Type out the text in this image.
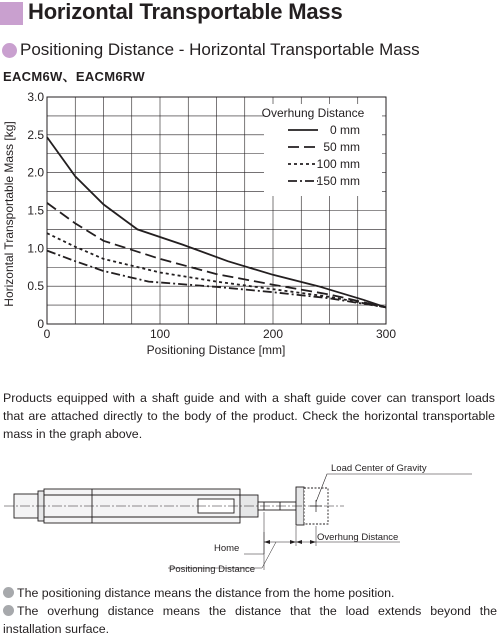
Horizontal Transportable Mass
Positioning Distance - Horizontal Transportable Mass
EACM6W、EACM6RW
0	100	200	300
0
0.5
1.0
1.5
2.0
2.5
3.0
Positioning Distance [mm]
Horizontal Transportable Mass [kg]
Overhung Distance
0 mm
50 mm
100 mm
150 mm
Products equipped with a shaft guide and with a shaft guide cover can transport loads that are attached directly to the body of the product. Check the horizontal transportable mass in the graph above.
Load Center of Gravity
Home
Positioning Distance
Overhung Distance
The positioning distance means the distance from the home position.
The overhung distance means the distance that the load extends beyond the installation surface.
